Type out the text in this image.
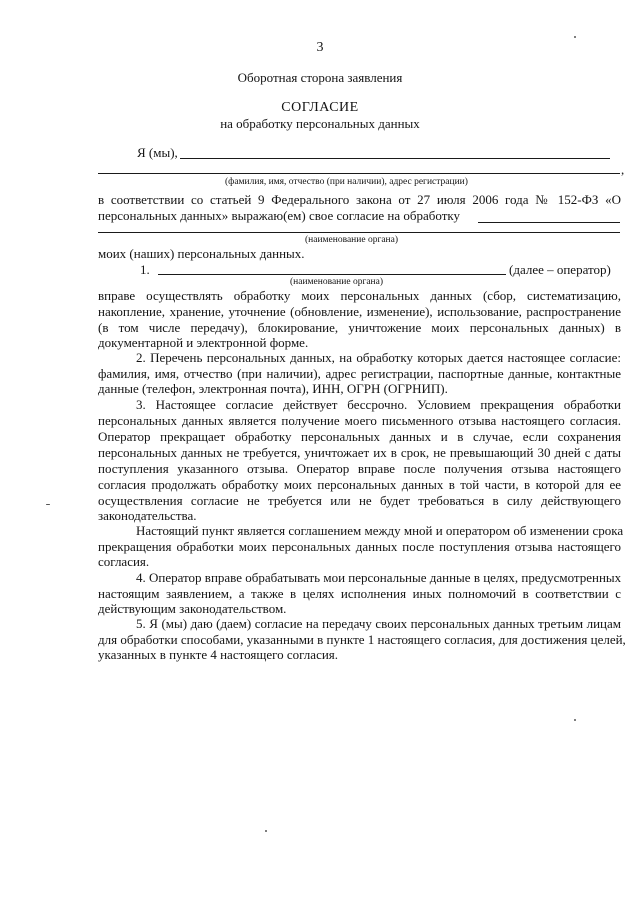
3
Оборотная сторона заявления
СОГЛАСИЕ
на обработку персональных данных
Я (мы),
,
(фамилия, имя, отчество (при наличии), адрес регистрации)
в соответствии со статьей 9 Федерального закона от 27 июля 2006 года № 152-ФЗ «О
персональных данных» выражаю(ем) свое согласие на обработку
(наименование органа)
моих (наших) персональных данных.
1.	(далее – оператор)
(наименование органа)
вправе осуществлять обработку моих персональных данных (сбор, систематизацию,
накопление, хранение, уточнение (обновление, изменение), использование, распространение
(в том числе передачу), блокирование, уничтожение моих персональных данных) в
документарной и электронной форме.
2. Перечень персональных данных, на обработку которых дается настоящее согласие:
фамилия, имя, отчество (при наличии), адрес регистрации, паспортные данные, контактные
данные (телефон, электронная почта), ИНН, ОГРН (ОГРНИП).
3. Настоящее согласие действует бессрочно. Условием прекращения обработки
персональных данных является получение моего письменного отзыва настоящего согласия.
Оператор прекращает обработку персональных данных и в случае, если сохранения
персональных данных не требуется, уничтожает их в срок, не превышающий 30 дней с даты
поступления указанного отзыва. Оператор вправе после получения отзыва настоящего
согласия продолжать обработку моих персональных данных в той части, в которой для ее
осуществления согласие не требуется или не будет требоваться в силу действующего
законодательства.
Настоящий пункт является соглашением между мной и оператором об изменении срока
прекращения обработки моих персональных данных после поступления отзыва настоящего
согласия.
4. Оператор вправе обрабатывать мои персональные данные в целях, предусмотренных
настоящим заявлением, а также в целях исполнения иных полномочий в соответствии с
действующим законодательством.
5. Я (мы) даю (даем) согласие на передачу своих персональных данных третьим лицам
для обработки способами, указанными в пункте 1 настоящего согласия, для достижения целей,
указанных в пункте 4 настоящего согласия.
